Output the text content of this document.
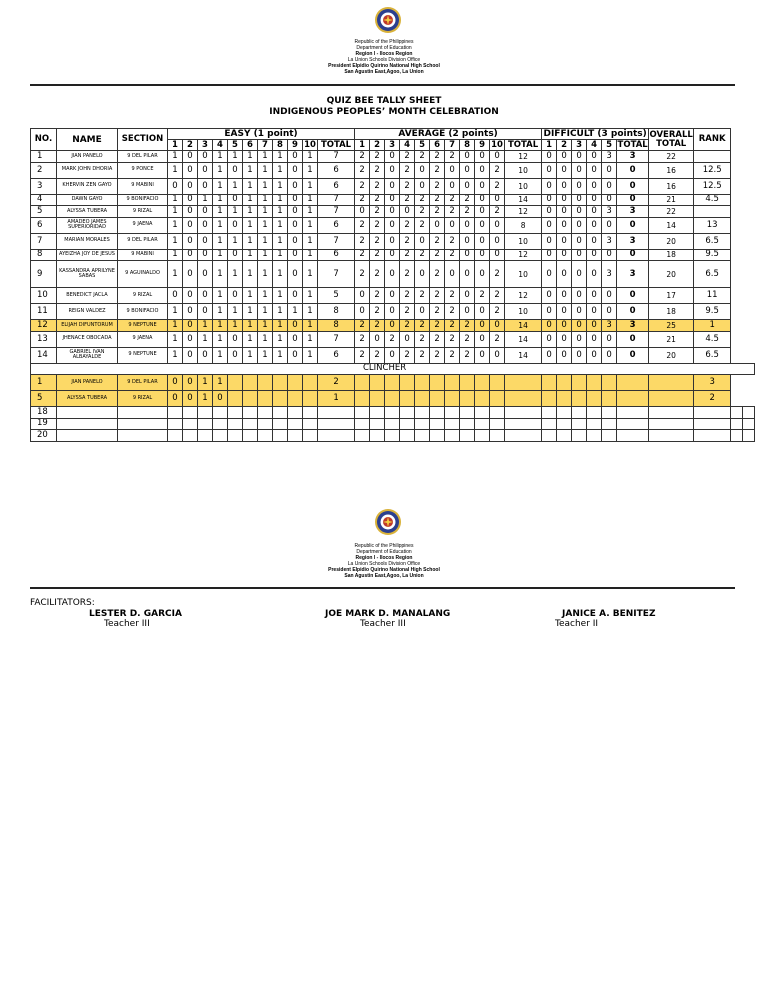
Republic of the Philippines
Department of Education
Region I - Ilocos Region
La Union Schools Division Office
President Elpidio Quirino National High School
San Agustin East,Agoo, La Union
QUIZ BEE TALLY SHEET
INDIGENOUS PEOPLES’ MONTH CELEBRATION
NO.	NAME	SECTION	EASY (1 point)											AVERAGE (2 points)											DIFFICULT (3 points)						OVERALL TOTAL	RANK		
			1	2	3	4	5	6	7	8	9	10	TOTAL	1	2	3	4	5	6	7	8	9	10	TOTAL	1	2	3	4	5	TOTAL				
1	JIAN PANELO	9 DEL PILAR	1	0	0	1	1	1	1	1	0	1	7	2	2	0	2	2	2	2	0	0	0	12	0	0	0	0	3	3	22			
2	MARK JOHN DHORIA	9 PONCE	1	0	0	1	0	1	1	1	0	1	6	2	2	0	2	0	2	0	0	0	2	10	0	0	0	0	0	0	16	12.5		
3	KHERVIN ZEN GAYO	9 MABINI	0	0	0	1	1	1	1	1	0	1	6	2	2	0	2	0	2	0	0	0	2	10	0	0	0	0	0	0	16	12.5		
4	DAWN GAYO	9 BONIFACIO	1	0	1	1	0	1	1	1	0	1	7	2	2	0	2	2	2	2	2	0	0	14	0	0	0	0	0	0	21	4.5		
5	ALYSSA TUBERA	9 RIZAL	1	0	0	1	1	1	1	1	0	1	7	0	2	0	0	2	2	2	2	0	2	12	0	0	0	0	3	3	22			
6	AMADEO JAMES SUPERIORIDAD	9 JAENA	1	0	0	1	0	1	1	1	0	1	6	2	2	0	2	2	0	0	0	0	0	8	0	0	0	0	0	0	14	13		
7	MARIAN MORALES	9 DEL PILAR	1	0	0	1	1	1	1	1	0	1	7	2	2	0	2	0	2	2	0	0	0	10	0	0	0	0	3	3	20	6.5		
8	AYEIZHA JOY DE JESUS	9 MABINI	1	0	0	1	0	1	1	1	0	1	6	2	2	0	2	2	2	2	0	0	0	12	0	0	0	0	0	0	18	9.5		
9	KASSANDRA APRILYNE SABAS	9 AGUINALDO	1	0	0	1	1	1	1	1	0	1	7	2	2	0	2	0	2	0	0	0	2	10	0	0	0	0	3	3	20	6.5		
10	BENEDICT JACLA	9 RIZAL	0	0	0	1	0	1	1	1	0	1	5	0	2	0	2	2	2	2	0	2	2	12	0	0	0	0	0	0	17	11		
11	REIGN VALDEZ	9 BONIFACIO	1	0	0	1	1	1	1	1	1	1	8	0	2	0	2	0	2	2	0	0	2	10	0	0	0	0	0	0	18	9.5		
12	ELIJAH DIFUNTORUM	9 NEPTUNE	1	0	1	1	1	1	1	1	0	1	8	2	2	0	2	2	2	2	2	0	0	14	0	0	0	0	3	3	25	1		
13	JHENACE OBOCADA	9 JAENA	1	0	1	1	0	1	1	1	0	1	7	2	0	2	0	2	2	2	2	0	2	14	0	0	0	0	0	0	21	4.5		
14	GABRIEL IVAN ALBAYALDE	9 NEPTUNE	1	0	0	1	0	1	1	1	0	1	6	2	2	0	2	2	2	2	2	0	0	14	0	0	0	0	0	0	20	6.5		
														CLINCHER																				
1	JIAN PANELO	9 DEL PILAR	0	0	1	1							2																			3		
5	ALYSSA TUBERA	9 RIZAL	0	0	1	0							1																			2		
18																																		
19																																		
20																																		
Republic of the Philippines
Department of Education
Region I - Ilocos Region
La Union Schools Division Office
President Elpidio Quirino National High School
San Agustin East,Agoo, La Union
FACILITATORS:
LESTER D. GARCIA
Teacher III
JOE MARK D. MANALANG
Teacher III
JANICE A. BENITEZ
Teacher II
